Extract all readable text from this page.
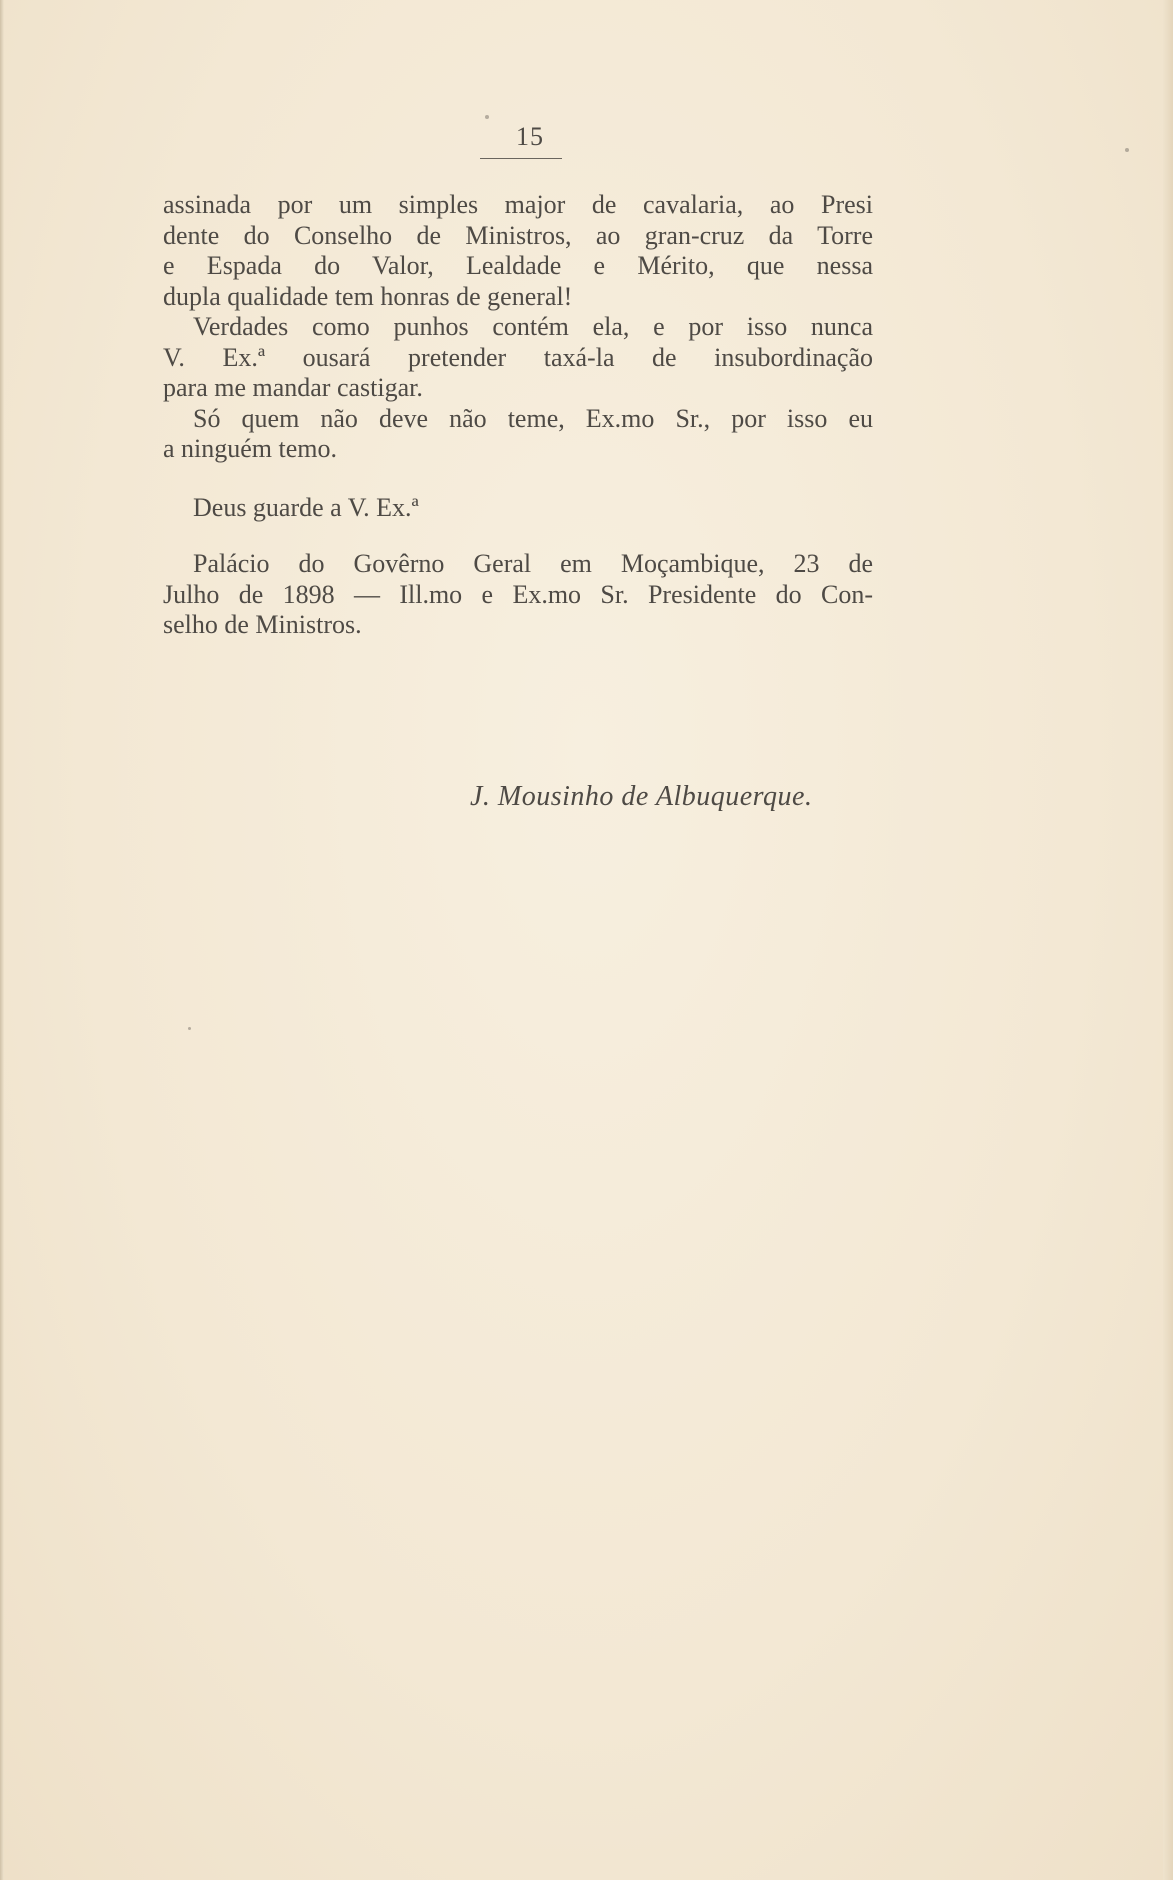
15
assinada por um simples major de cavalaria, ao Presi
dente do Conselho de Ministros, ao gran-cruz da Torre
e Espada do Valor, Lealdade e Mérito, que nessa
dupla qualidade tem honras de general!
Verdades como punhos contém ela, e por isso nunca
V. Ex.ª ousará pretender taxá-la de insubordinação
para me mandar castigar.
Só quem não deve não teme, Ex.mo Sr., por isso eu
a ninguém temo.
Deus guarde a V. Ex.ª
Palácio do Govêrno Geral em Moçambique, 23 de
Julho de 1898 — Ill.mo e Ex.mo Sr. Presidente do Con-
selho de Ministros.
J. Mousinho de Albuquerque.
